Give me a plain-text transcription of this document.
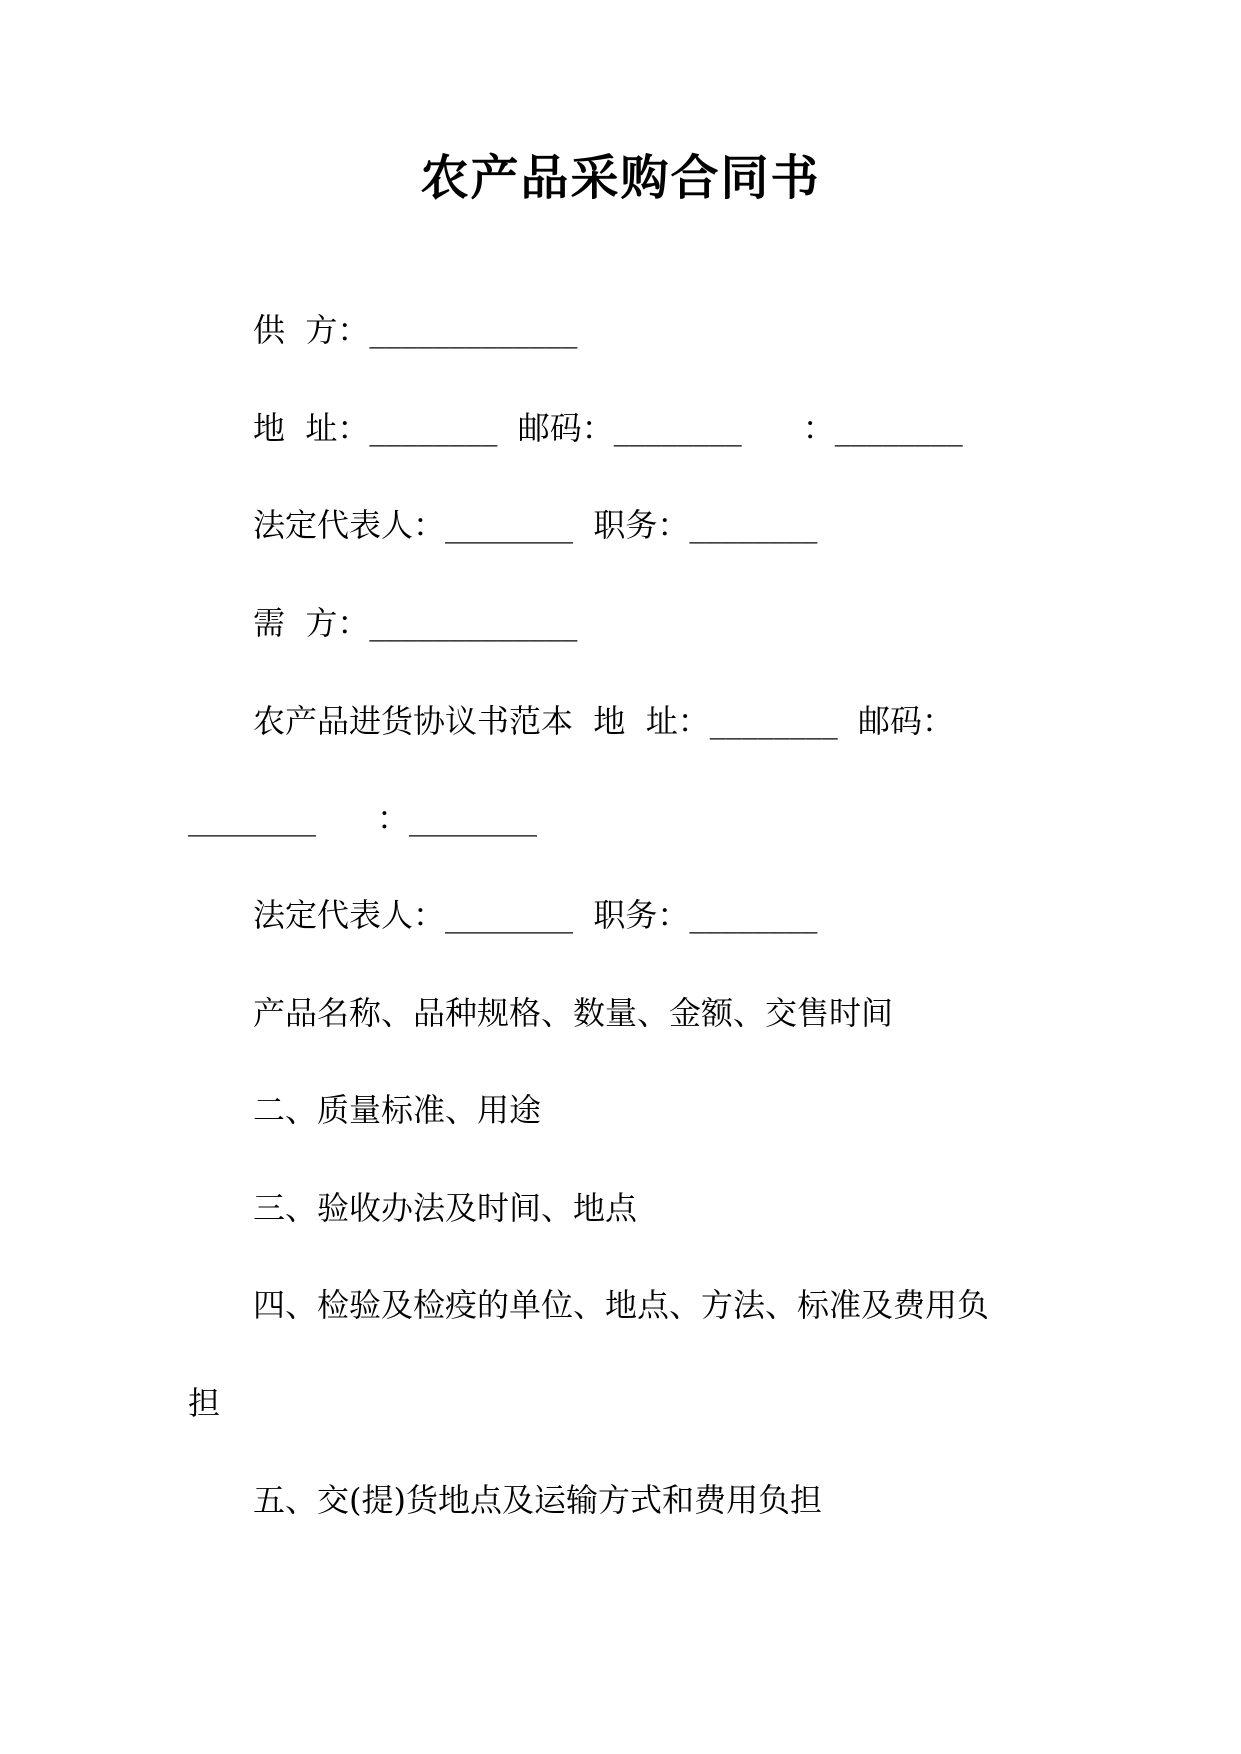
农产品采购合同书
供  方：_____________
地  址：________  邮码：________      ：________
法定代表人：________  职务：________
需  方：_____________
农产品进货协议书范本  地  址：________  邮码：
________      ：________
法定代表人：________  职务：________
产品名称、品种规格、数量、金额、交售时间
二、质量标准、用途
三、验收办法及时间、地点
四、检验及检疫的单位、地点、方法、标准及费用负
担
五、交(提)货地点及运输方式和费用负担
